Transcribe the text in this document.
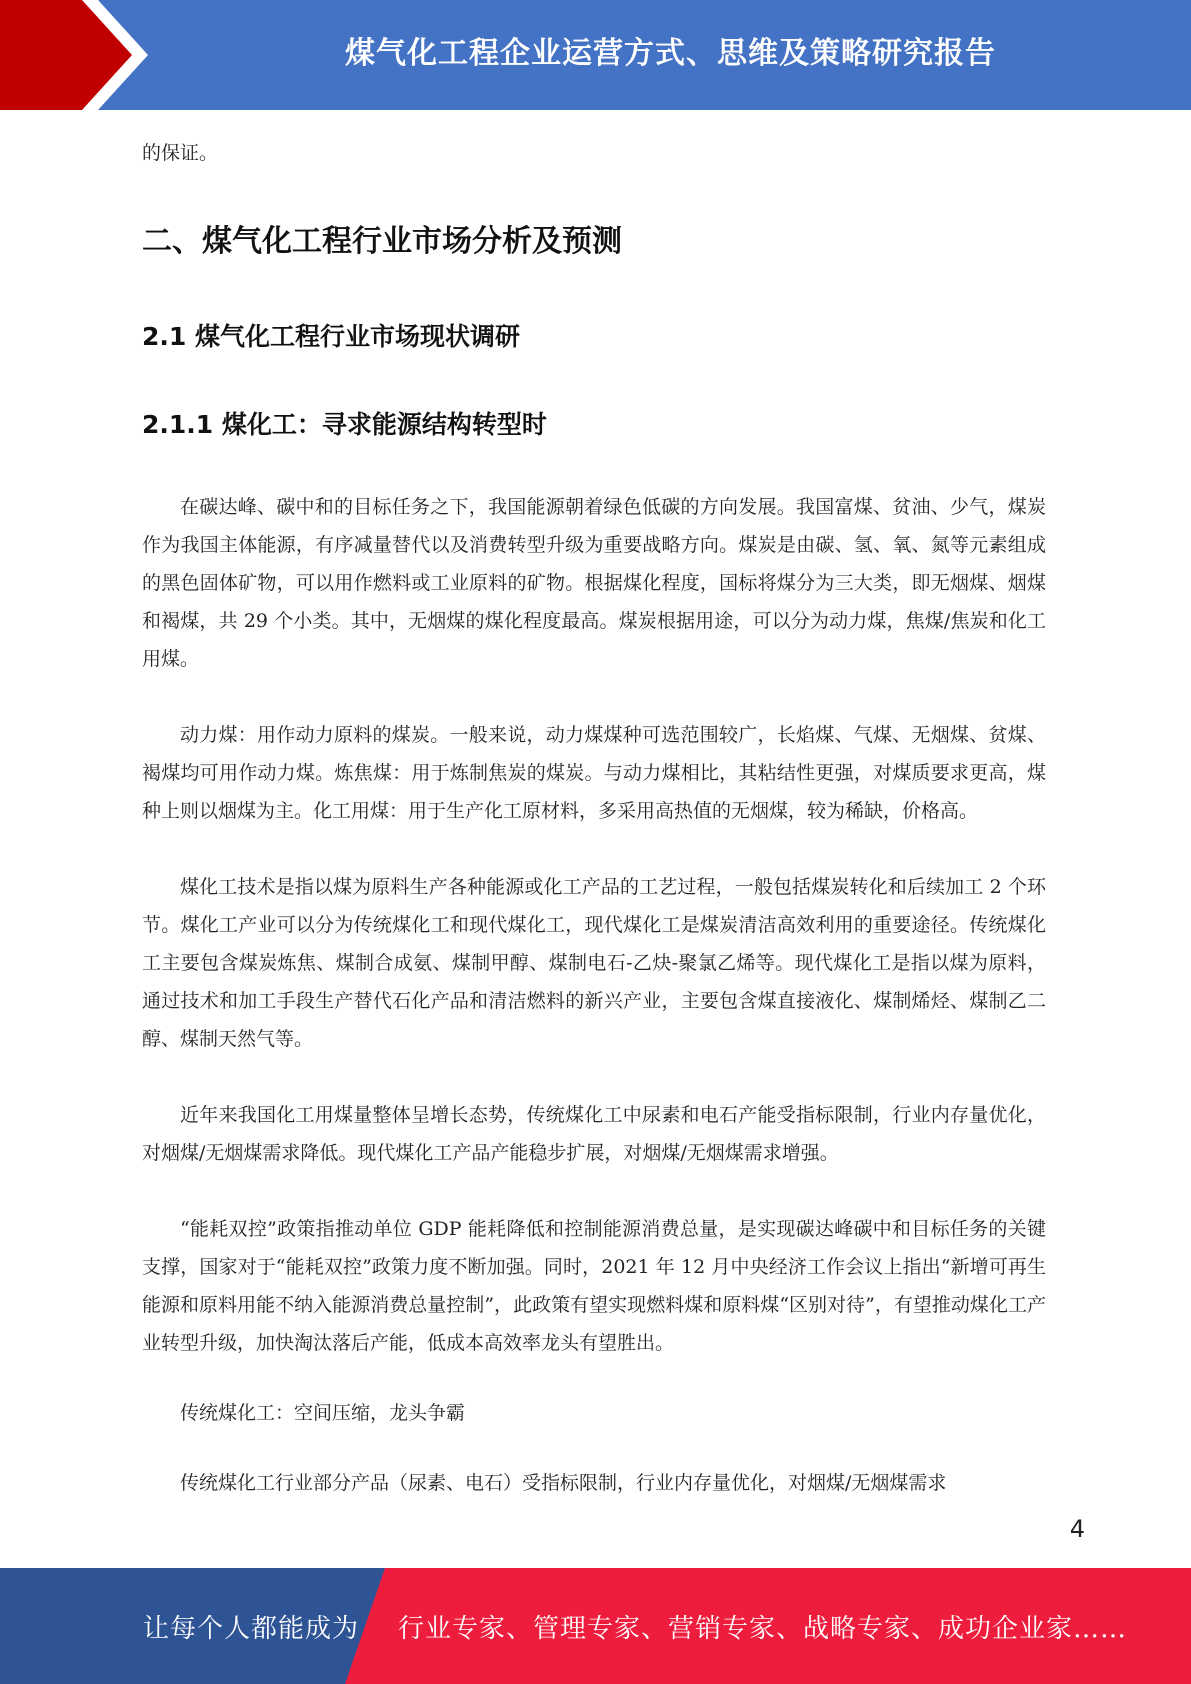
煤气化工程企业运营方式、思维及策略研究报告

的保证。

二、煤气化工程行业市场分析及预测
2.1 煤气化工程行业市场现状调研
2.1.1 煤化工：寻求能源结构转型时

在碳达峰、碳中和的目标任务之下，我国能源朝着绿色低碳的方向发展。我国富煤、贫油、少气，煤炭作为我国主体能源，有序减量替代以及消费转型升级为重要战略方向。煤炭是由碳、氢、氧、氮等元素组成的黑色固体矿物，可以用作燃料或工业原料的矿物。根据煤化程度，国标将煤分为三大类，即无烟煤、烟煤和褐煤，共 29 个小类。其中，无烟煤的煤化程度最高。煤炭根据用途，可以分为动力煤，焦煤/焦炭和化工用煤。

动力煤：用作动力原料的煤炭。一般来说，动力煤煤种可选范围较广，长焰煤、气煤、无烟煤、贫煤、褐煤均可用作动力煤。炼焦煤：用于炼制焦炭的煤炭。与动力煤相比，其粘结性更强，对煤质要求更高，煤种上则以烟煤为主。化工用煤：用于生产化工原材料，多采用高热值的无烟煤，较为稀缺，价格高。

煤化工技术是指以煤为原料生产各种能源或化工产品的工艺过程，一般包括煤炭转化和后续加工 2 个环节。煤化工产业可以分为传统煤化工和现代煤化工，现代煤化工是煤炭清洁高效利用的重要途径。传统煤化工主要包含煤炭炼焦、煤制合成氨、煤制甲醇、煤制电石-乙炔-聚氯乙烯等。现代煤化工是指以煤为原料，通过技术和加工手段生产替代石化产品和清洁燃料的新兴产业，主要包含煤直接液化、煤制烯烃、煤制乙二醇、煤制天然气等。

近年来我国化工用煤量整体呈增长态势，传统煤化工中尿素和电石产能受指标限制，行业内存量优化，对烟煤/无烟煤需求降低。现代煤化工产品产能稳步扩展，对烟煤/无烟煤需求增强。

“能耗双控”政策指推动单位 GDP 能耗降低和控制能源消费总量，是实现碳达峰碳中和目标任务的关键支撑，国家对于“能耗双控”政策力度不断加强。同时，2021 年 12 月中央经济工作会议上指出“新增可再生能源和原料用能不纳入能源消费总量控制”，此政策有望实现燃料煤和原料煤“区别对待”，有望推动煤化工产业转型升级，加快淘汰落后产能，低成本高效率龙头有望胜出。

传统煤化工：空间压缩，龙头争霸

传统煤化工行业部分产品（尿素、电石）受指标限制，行业内存量优化，对烟煤/无烟煤需求

4
让每个人都能成为 行业专家、管理专家、营销专家、战略专家、成功企业家……
